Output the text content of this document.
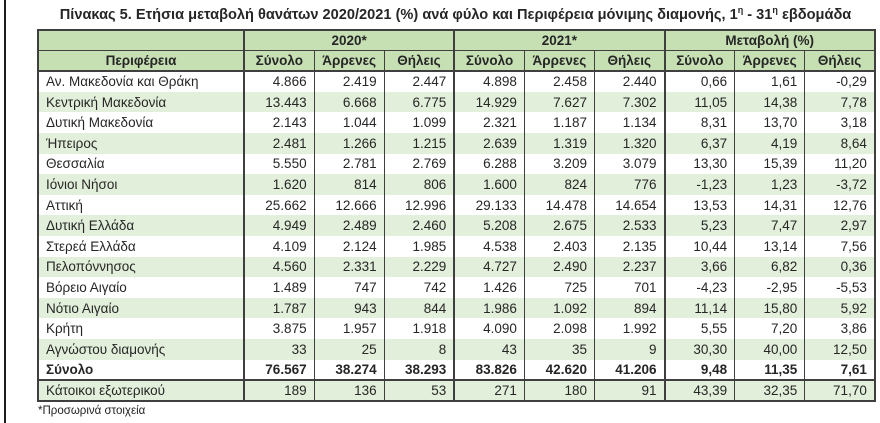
Πίνακας 5. Ετήσια μεταβολή θανάτων 2020/2021 (%) ανά φύλο και Περιφέρεια μόνιμης διαμονής, $1^\eta - 31^\eta$ εβδομάδα
	2020*			2021*			Μεταβολή (%)		
Περιφέρεια	Σύνολο	Άρρενες	Θήλεις	Σύνολο	Άρρενες	Θήλεις	Σύνολο	Άρρενες	Θήλεις
Αν. Μακεδονία και Θράκη	4.866	2.419	2.447	4.898	2.458	2.440	0,66	1,61	-0,29
Κεντρική Μακεδονία	13.443	6.668	6.775	14.929	7.627	7.302	11,05	14,38	7,78
Δυτική Μακεδονία	2.143	1.044	1.099	2.321	1.187	1.134	8,31	13,70	3,18
Ήπειρος	2.481	1.266	1.215	2.639	1.319	1.320	6,37	4,19	8,64
Θεσσαλία	5.550	2.781	2.769	6.288	3.209	3.079	13,30	15,39	11,20
Ιόνιοι Νήσοι	1.620	814	806	1.600	824	776	-1,23	1,23	-3,72
Αττική	25.662	12.666	12.996	29.133	14.478	14.654	13,53	14,31	12,76
Δυτική Ελλάδα	4.949	2.489	2.460	5.208	2.675	2.533	5,23	7,47	2,97
Στερεά Ελλάδα	4.109	2.124	1.985	4.538	2.403	2.135	10,44	13,14	7,56
Πελοπόννησος	4.560	2.331	2.229	4.727	2.490	2.237	3,66	6,82	0,36
Βόρειο Αιγαίο	1.489	747	742	1.426	725	701	-4,23	-2,95	-5,53
Νότιο Αιγαίο	1.787	943	844	1.986	1.092	894	11,14	15,80	5,92
Κρήτη	3.875	1.957	1.918	4.090	2.098	1.992	5,55	7,20	3,86
Αγνώστου διαμονής	33	25	8	43	35	9	30,30	40,00	12,50
Σύνολο	76.567	38.274	38.293	83.826	42.620	41.206	9,48	11,35	7,61
Κάτοικοι εξωτερικού	189	136	53	271	180	91	43,39	32,35	71,70
*Προσωρινά στοιχεία
